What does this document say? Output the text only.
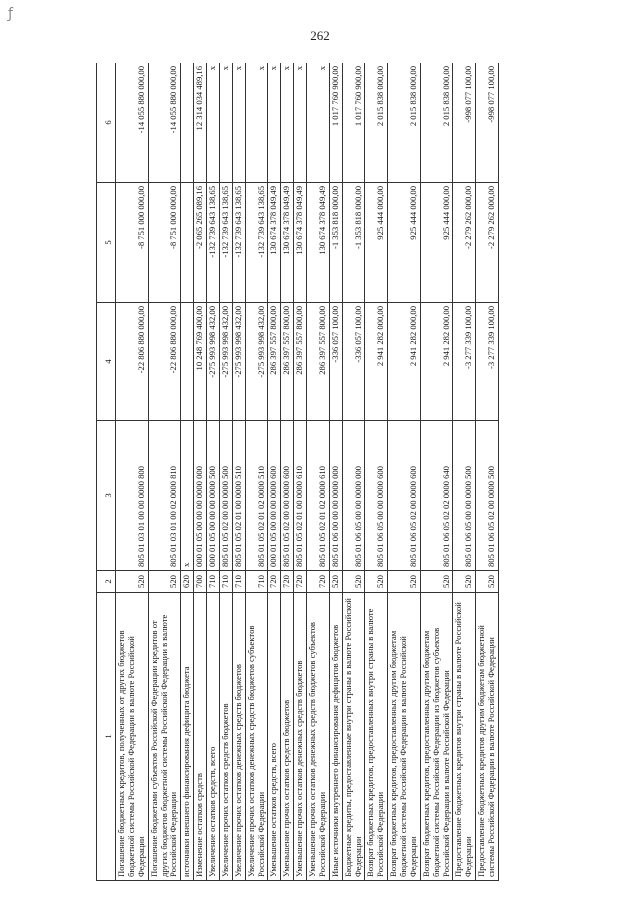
ƒ
262
1	2	3	4	5	6
Погашение бюджетных кредитов, полученных от других бюджетов бюджетной системы Российской Федерации в валюте Российской Федерации	520	805 01 03 01 00 00 0000 800	-22 806 880 000,00	-8 751 000 000,00	-14 055 880 000,00
Погашение бюджетами субъектов Российской Федерации кредитов от других бюджетов бюджетной системы Российской Федерации в валюте Российской Федерации	520	805 01 03 01 00 02 0000 810	-22 806 880 000,00	-8 751 000 000,00	-14 055 880 000,00
источники внешнего финансирования дефицита бюджета	620	x			
Изменение остатков средств	700	000 01 05 00 00 00 0000 000	10 248 769 400,00	-2 065 265 089,16	12 314 034 489,16
Увеличение остатков средств, всего	710	000 01 05 00 00 00 0000 500	-275 993 998 432,00	-132 739 643 138,65	x
Увеличение прочих остатков средств бюджетов	710	805 01 05 02 00 00 0000 500	-275 993 998 432,00	-132 739 643 138,65	x
Увеличение прочих остатков денежных средств бюджетов	710	805 01 05 02 01 00 0000 510	-275 993 998 432,00	-132 739 643 138,65	x
Увеличение прочих остатков денежных средств бюджетов субъектов Российской Федерации	710	805 01 05 02 01 02 0000 510	-275 993 998 432,00	-132 739 643 138,65	x
Уменьшение остатков средств, всего	720	000 01 05 00 00 00 0000 600	286 397 557 800,00	130 674 378 049,49	x
Уменьшение прочих остатков средств бюджетов	720	805 01 05 02 00 00 0000 600	286 397 557 800,00	130 674 378 049,49	x
Уменьшение прочих остатков денежных средств бюджетов	720	805 01 05 02 01 00 0000 610	286 397 557 800,00	130 674 378 049,49	x
Уменьшение прочих остатков денежных средств бюджетов субъектов Российской Федерации	720	805 01 05 02 01 02 0000 610	286 397 557 800,00	130 674 378 049,49	x
Иные источники внутреннего финансирования дефицитов бюджетов	520	805 01 06 00 00 00 0000 000	-336 057 100,00	-1 353 818 000,00	1 017 760 900,00
Бюджетные кредиты, предоставленные внутри страны в валюте Российской Федерации	520	805 01 06 05 00 00 0000 000	-336 057 100,00	-1 353 818 000,00	1 017 760 900,00
Возврат бюджетных кредитов, предоставленных внутри страны в валюте Российской Федерации	520	805 01 06 05 00 00 0000 600	2 941 282 000,00	925 444 000,00	2 015 838 000,00
Возврат бюджетных кредитов, предоставленных другим бюджетам бюджетной системы Российской Федерации в валюте Российской Федерации	520	805 01 06 05 02 00 0000 600	2 941 282 000,00	925 444 000,00	2 015 838 000,00
Возврат бюджетных кредитов, предоставленных другим бюджетам бюджетной системы Российской Федерации из бюджетов субъектов Российской Федерации в валюте Российской Федерации	520	805 01 06 05 02 02 0000 640	2 941 282 000,00	925 444 000,00	2 015 838 000,00
Предоставление бюджетных кредитов внутри страны в валюте Российской Федерации	520	805 01 06 05 00 00 0000 500	-3 277 339 100,00	-2 279 262 000,00	-998 077 100,00
Предоставление бюджетных кредитов другим бюджетам бюджетной системы Российской Федерации в валюте Российской Федерации	520	805 01 06 05 02 00 0000 500	-3 277 339 100,00	-2 279 262 000,00	-998 077 100,00
